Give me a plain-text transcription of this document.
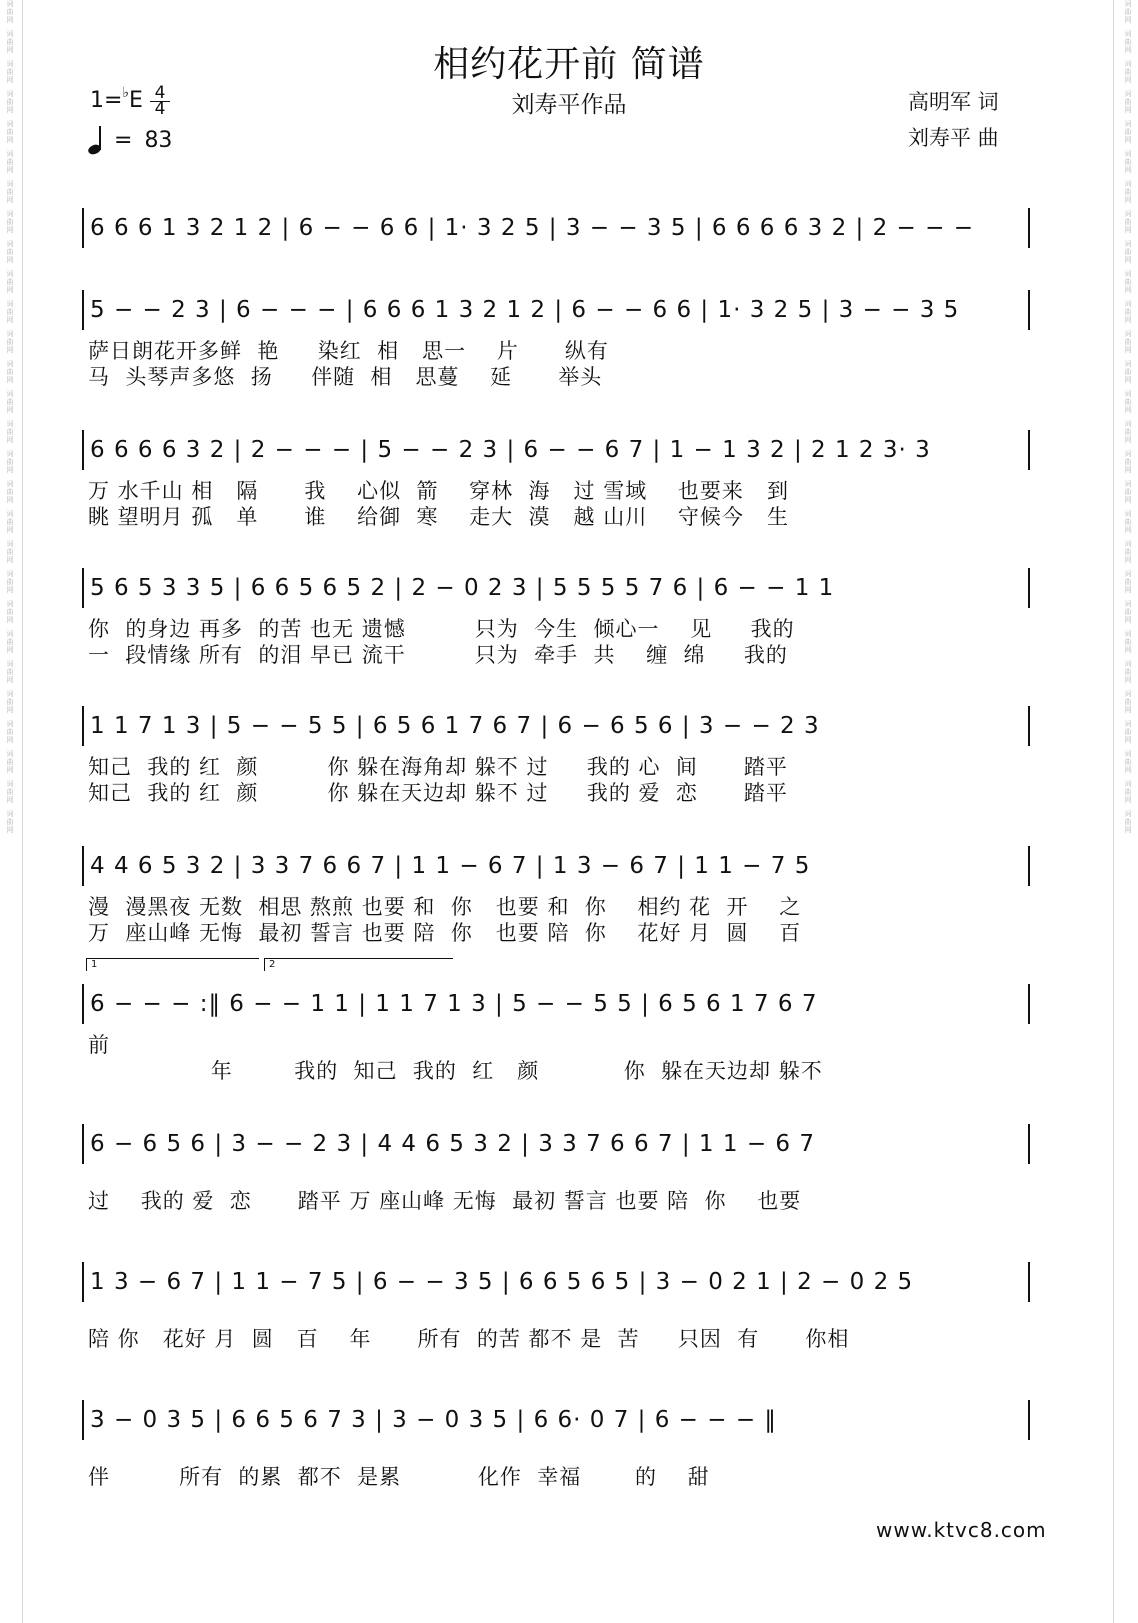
词
曲
网
词
曲
网
词
曲
网
词
曲
网
词
曲
网
词
曲
网
词
曲
网
词
曲
网
词
曲
网
词
曲
网
词
曲
网
词
曲
网
词
曲
网
词
曲
网
词
曲
网
词
曲
网
词
曲
网
词
曲
网
词
曲
网
词
曲
网
词
曲
网
词
曲
网
词
曲
网
词
曲
网
词
曲
网
词
曲
网
词
曲
网
词
曲
网
词
曲
网
词
曲
网
词
曲
网
词
曲
网
词
曲
网
词
曲
网
词
曲
网
词
曲
网
词
曲
网
词
曲
网
词
曲
网
词
曲
网
词
曲
网
词
曲
网
词
曲
网
词
曲
网
词
曲
网
词
曲
网
词
曲
网
词
曲
网
词
曲
网
词
曲
网
词
曲
网
词
曲
网
词
曲
网
词
曲
网
词
曲
网
词
曲
网
相约花开前 简谱
刘寿平作品
1=♭E 4
4
= 83
高明军 词
刘寿平 曲
6 6 6 1 3 2 1 2 | 6 − − 6 6 | 1· 3 2 5 | 3 − − 3 5 | 6 6 6 6 3 2 | 2 − − −
5 − − 2 3 | 6 − − − | 6 6 6 1 3 2 1 2 | 6 − − 6 6 | 1· 3 2 5 | 3 − − 3 5
萨日朗花开多鲜  艳     染红  相   思一    片      纵有
马  头琴声多悠  扬     伴随  相   思蔓    延      举头
6 6 6 6 3 2 | 2 − − − | 5 − − 2 3 | 6 − − 6 7 | 1 − 1 3 2 | 2 1 2 3· 3
万 水千山 相   隔      我    心似  箭    穿林  海   过 雪域    也要来   到
眺 望明月 孤   单      谁    给御  寒    走大  漠   越 山川    守候今   生
5 6 5 3 3 5 | 6 6 5 6 5 2 | 2 − 0 2 3 | 5 5 5 5 7 6 | 6 − − 1 1
你  的身边 再多  的苦 也无 遗憾         只为  今生  倾心一    见     我的
一  段情缘 所有  的泪 早已 流干         只为  牵手  共    缠  绵     我的
1 1 7 1 3 | 5 − − 5 5 | 6 5 6 1 7 6 7 | 6 − 6 5 6 | 3 − − 2 3
知己  我的 红  颜         你 躲在海角却 躲不 过     我的 心  间      踏平
知己  我的 红  颜         你 躲在天边却 躲不 过     我的 爱  恋      踏平
4 4 6 5 3 2 | 3 3 7 6 6 7 | 1 1 − 6 7 | 1 3 − 6 7 | 1 1 − 7 5
漫  漫黑夜 无数  相思 熬煎 也要 和  你   也要 和  你    相约 花  开    之
万  座山峰 无悔  最初 誓言 也要 陪  你   也要 陪  你    花好 月  圆    百
6 − − − :‖ 6 − − 1 1 | 1 1 7 1 3 | 5 − − 5 5 | 6 5 6 1 7 6 7
前
年        我的  知己  我的  红   颜           你  躲在天边却 躲不
6 − 6 5 6 | 3 − − 2 3 | 4 4 6 5 3 2 | 3 3 7 6 6 7 | 1 1 − 6 7
过    我的 爱  恋      踏平 万 座山峰 无悔  最初 誓言 也要 陪  你    也要
1 3 − 6 7 | 1 1 − 7 5 | 6 − − 3 5 | 6 6 5 6 5 | 3 − 0 2 1 | 2 − 0 2 5
陪 你   花好 月  圆   百    年      所有  的苦 都不 是  苦     只因  有      你相
3 − 0 3 5 | 6 6 5 6 7 3 | 3 − 0 3 5 | 6 6· 0 7 | 6 − − − ‖
伴         所有  的累  都不  是累          化作  幸福       的    甜
1	2
www.ktvc8.com
